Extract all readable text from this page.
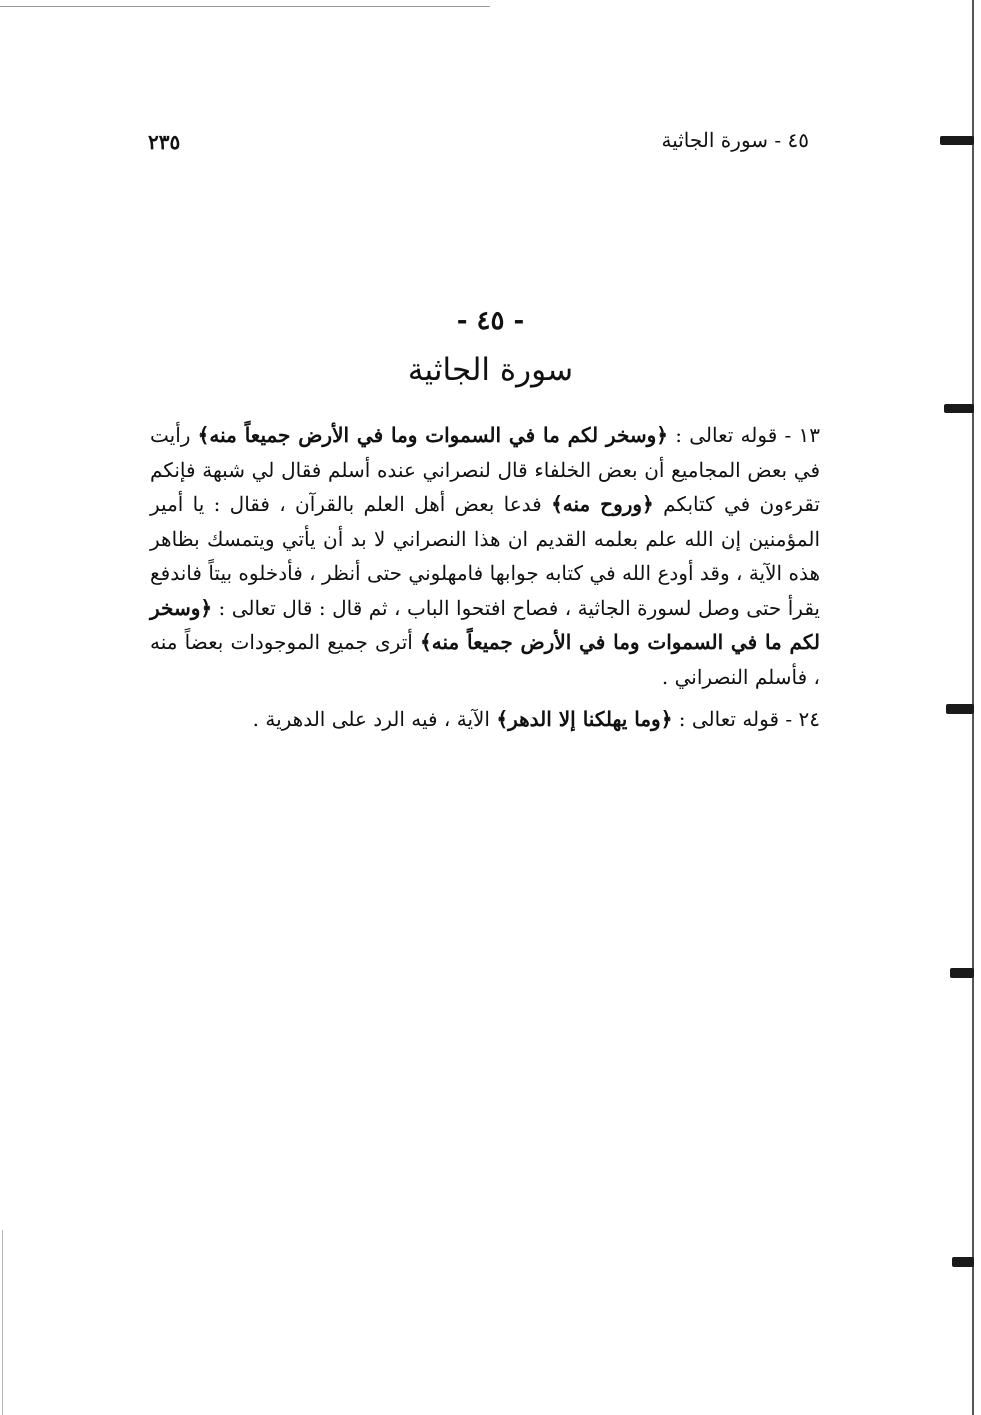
٢٣٥	٤٥ - سورة الجاثية
- ٤٥ -
سورة الجاثية

١٣ - قوله تعالى : ﴿وسخر لكم ما في السموات وما في الأرض جميعاً منه﴾ رأيت في بعض المجاميع أن بعض الخلفاء قال لنصراني عنده أسلم فقال لي شبهة فإنكم تقرءون في كتابكم ﴿وروح منه﴾ فدعا بعض أهل العلم بالقرآن ، فقال : يا أمير المؤمنين إن الله علم بعلمه القديم ان هذا النصراني لا بد أن يأتي ويتمسك بظاهر هذه الآية ، وقد أودع الله في كتابه جوابها فامهلوني حتى أنظر ، فأدخلوه بيتاً فاندفع يقرأ حتى وصل لسورة الجاثية ، فصاح افتحوا الباب ، ثم قال : قال تعالى : ﴿وسخر لكم ما في السموات وما في الأرض جميعاً منه﴾ أترى جميع الموجودات بعضاً منه ، فأسلم النصراني .

٢٤ - قوله تعالى : ﴿وما يهلكنا إلا الدهر﴾ الآية ، فيه الرد على الدهرية .
